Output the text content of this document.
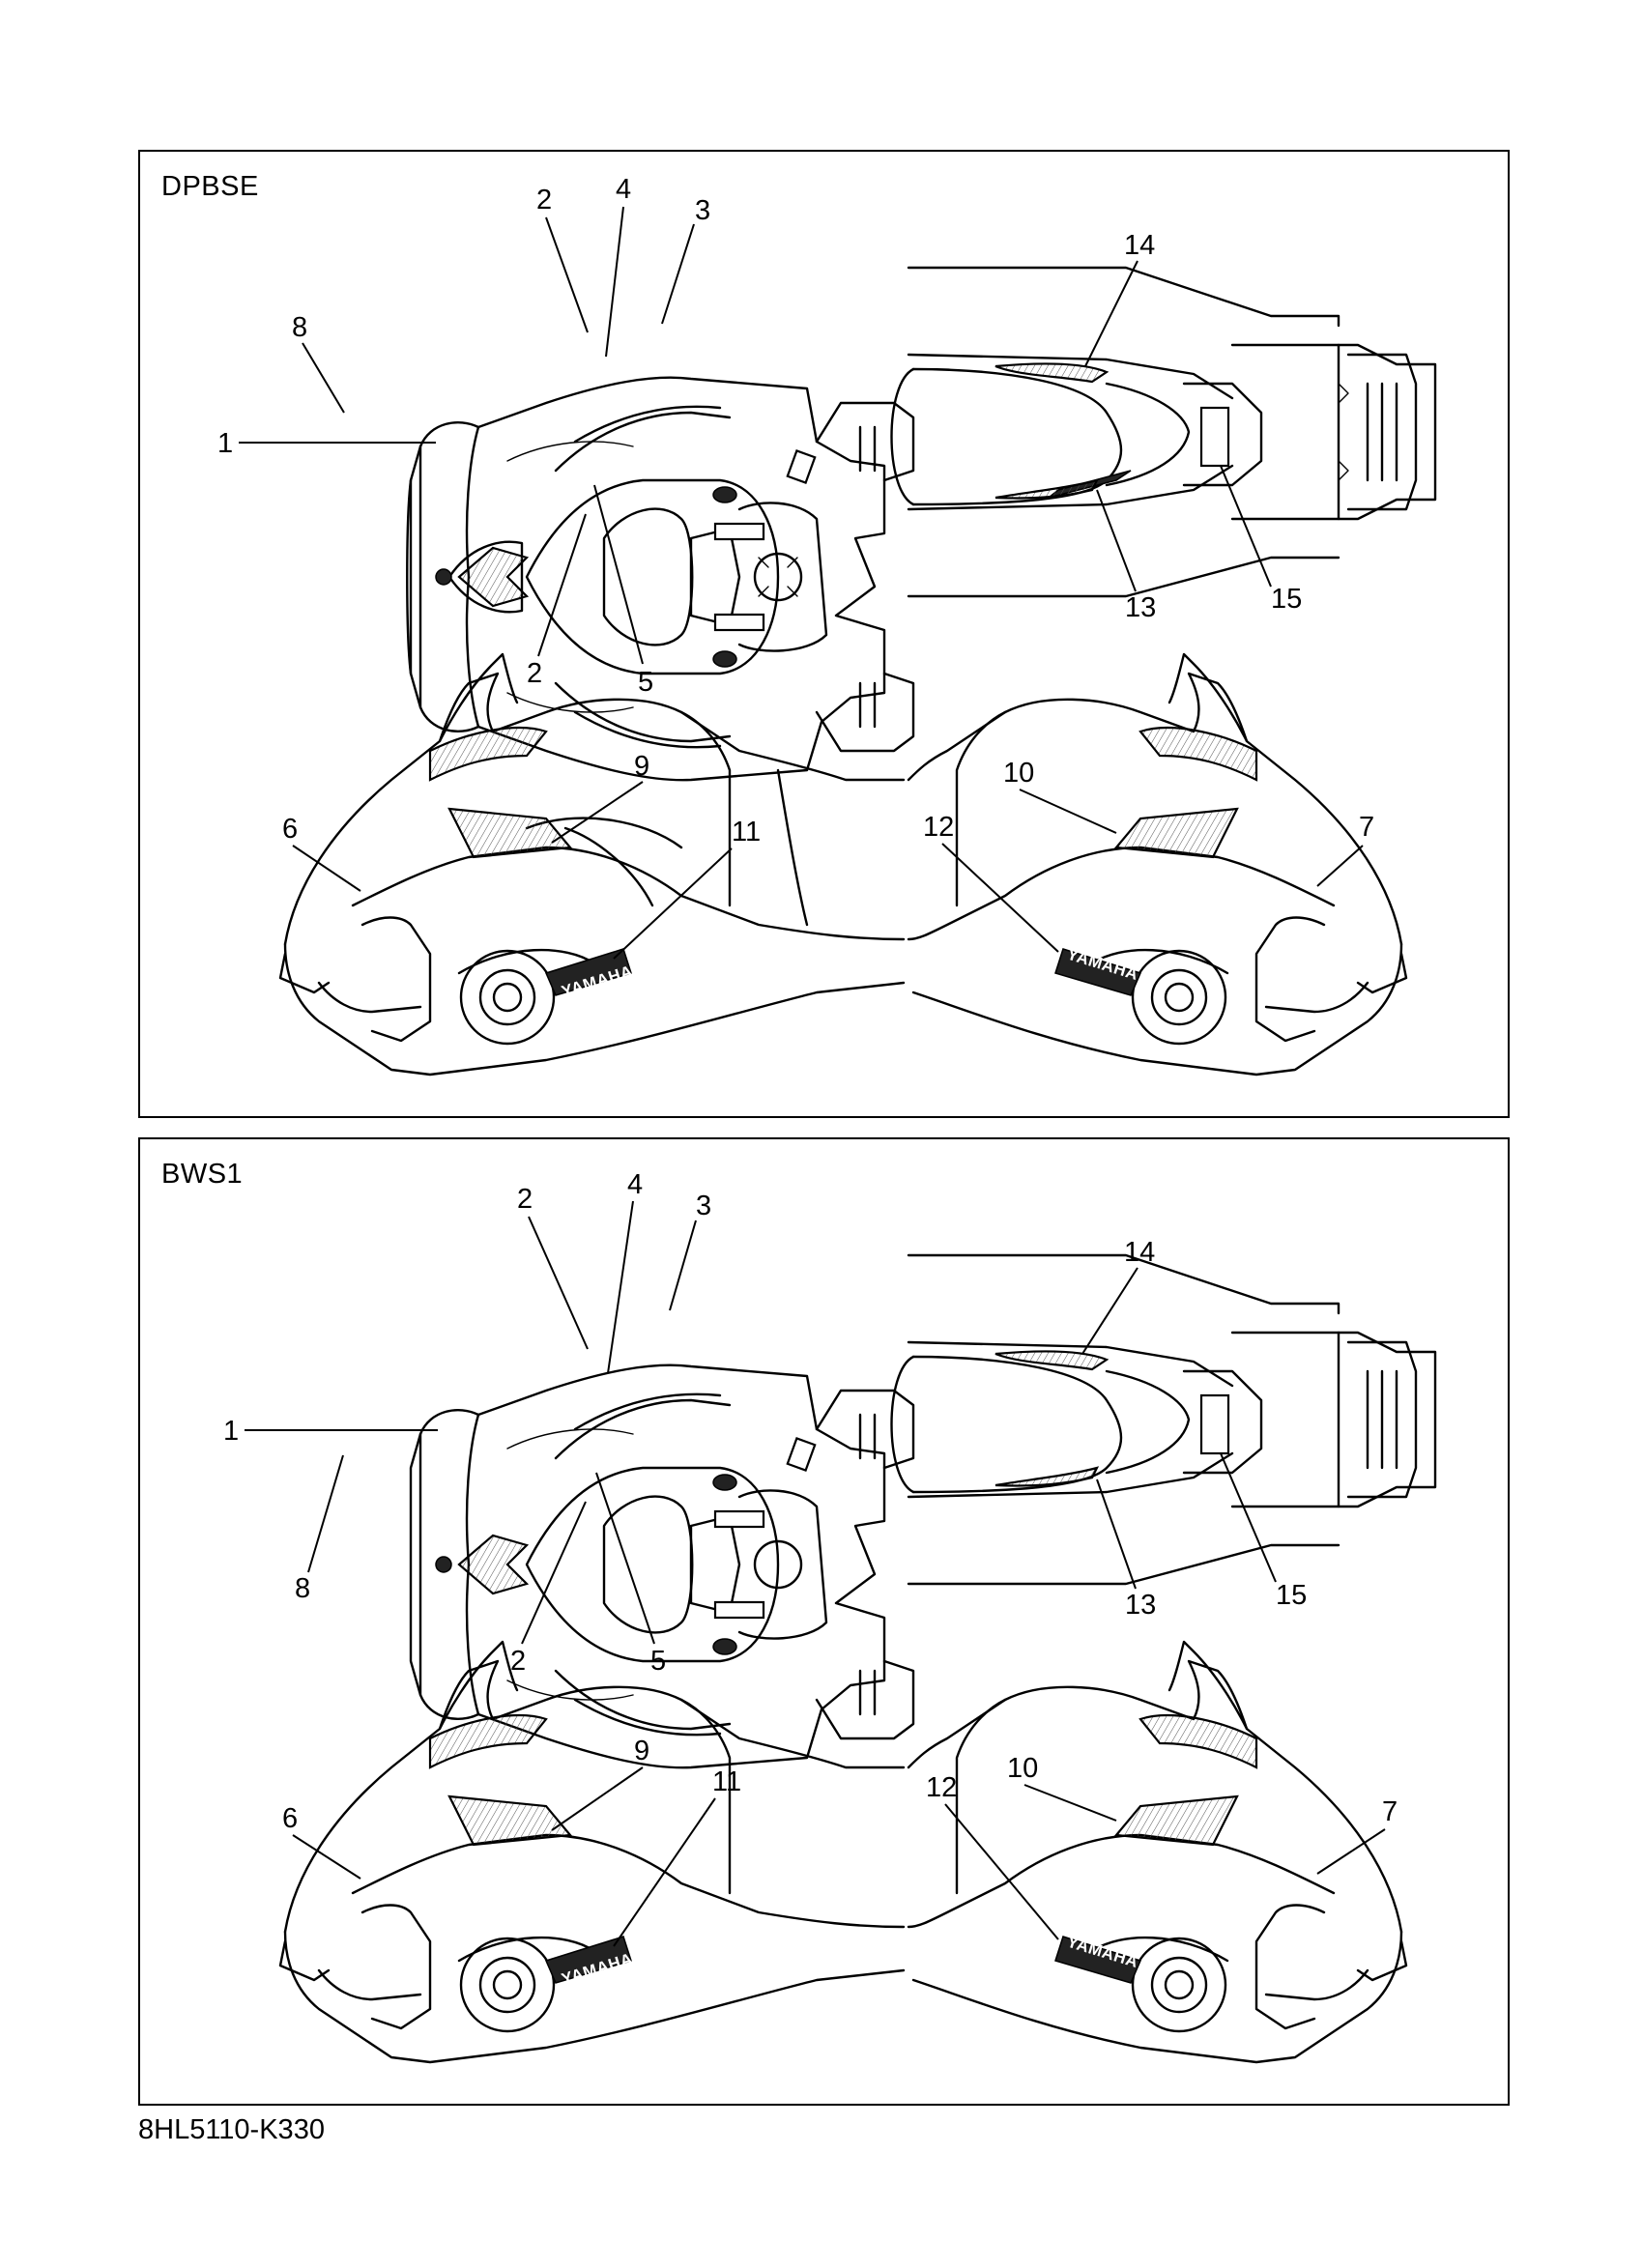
DPBSE
1
8
2 4
3
2	5
14
13	15
YAMAHA
6
9
11
YAMAHA
7
10
12
BWS1
1
8
2	4
3
2	5
14
13	15
YAMAHA
6
9
11
YAMAHA
7
10
12
8HL5110-K330
